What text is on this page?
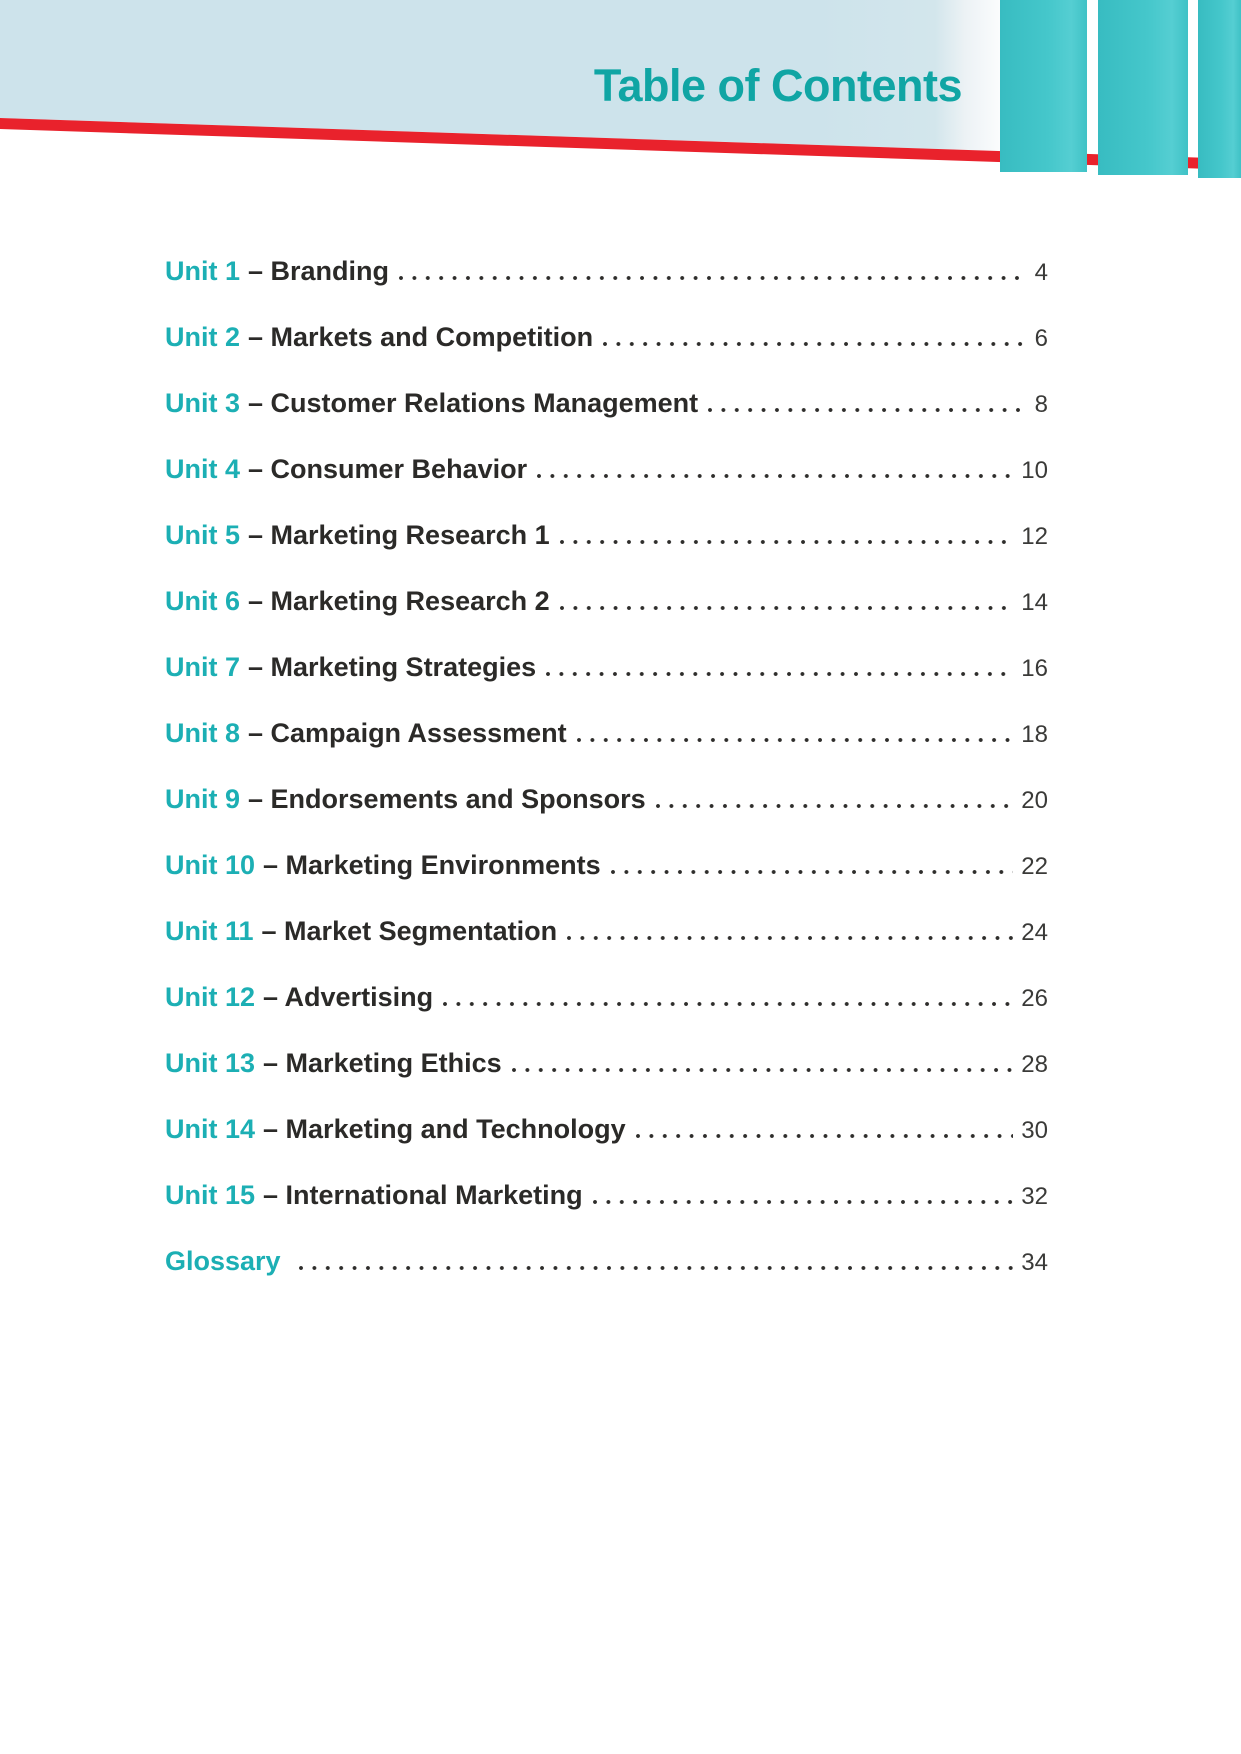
Table of Contents
Unit 1 – Branding	4
Unit 2 – Markets and Competition	6
Unit 3 – Customer Relations Management	8
Unit 4 – Consumer Behavior	10
Unit 5 – Marketing Research 1	12
Unit 6 – Marketing Research 2	14
Unit 7 – Marketing Strategies	16
Unit 8 – Campaign Assessment	18
Unit 9 – Endorsements and Sponsors	20
Unit 10 – Marketing Environments	22
Unit 11 – Market Segmentation	24
Unit 12 – Advertising	26
Unit 13 – Marketing Ethics	28
Unit 14 – Marketing and Technology	30
Unit 15 – International Marketing	32
Glossary	34
